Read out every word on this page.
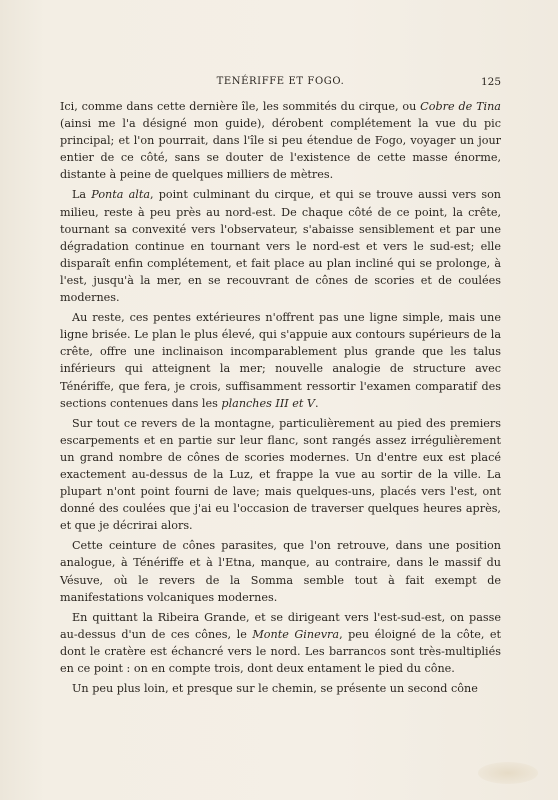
TENÉRIFFE ET FOGO.	125

Ici, comme dans cette dernière île, les sommités du cirque, ou Cobre de Tina (ainsi me l'a désigné mon guide), dérobent complétement la vue du pic principal; et l'on pourrait, dans l'île si peu étendue de Fogo, voyager un jour entier de ce côté, sans se douter de l'existence de cette masse énorme, distante à peine de quelques milliers de mètres.

La Ponta alta, point culminant du cirque, et qui se trouve aussi vers son milieu, reste à peu près au nord-est. De chaque côté de ce point, la crête, tournant sa convexité vers l'observateur, s'abaisse sensiblement et par une dégradation continue en tournant vers le nord-est et vers le sud-est; elle disparaît enfin complétement, et fait place au plan incliné qui se prolonge, à l'est, jusqu'à la mer, en se recouvrant de cônes de scories et de coulées modernes.

Au reste, ces pentes extérieures n'offrent pas une ligne simple, mais une ligne brisée. Le plan le plus élevé, qui s'appuie aux contours supérieurs de la crête, offre une inclinaison incomparablement plus grande que les talus inférieurs qui atteignent la mer; nouvelle analogie de structure avec Ténériffe, que fera, je crois, suffisamment ressortir l'examen comparatif des sections contenues dans les planches III et V.

Sur tout ce revers de la montagne, particulièrement au pied des premiers escarpements et en partie sur leur flanc, sont rangés assez irrégulièrement un grand nombre de cônes de scories modernes. Un d'entre eux est placé exactement au-dessus de la Luz, et frappe la vue au sortir de la ville. La plupart n'ont point fourni de lave; mais quelques-uns, placés vers l'est, ont donné des coulées que j'ai eu l'occasion de traverser quelques heures après, et que je décrirai alors.

Cette ceinture de cônes parasites, que l'on retrouve, dans une position analogue, à Ténériffe et à l'Etna, manque, au contraire, dans le massif du Vésuve, où le revers de la Somma semble tout à fait exempt de manifestations volcaniques modernes.

En quittant la Ribeira Grande, et se dirigeant vers l'est-sud-est, on passe au-dessus d'un de ces cônes, le Monte Ginevra, peu éloigné de la côte, et dont le cratère est échancré vers le nord. Les barrancos sont très-multipliés en ce point : on en compte trois, dont deux entament le pied du cône.

Un peu plus loin, et presque sur le chemin, se présente un second cône
